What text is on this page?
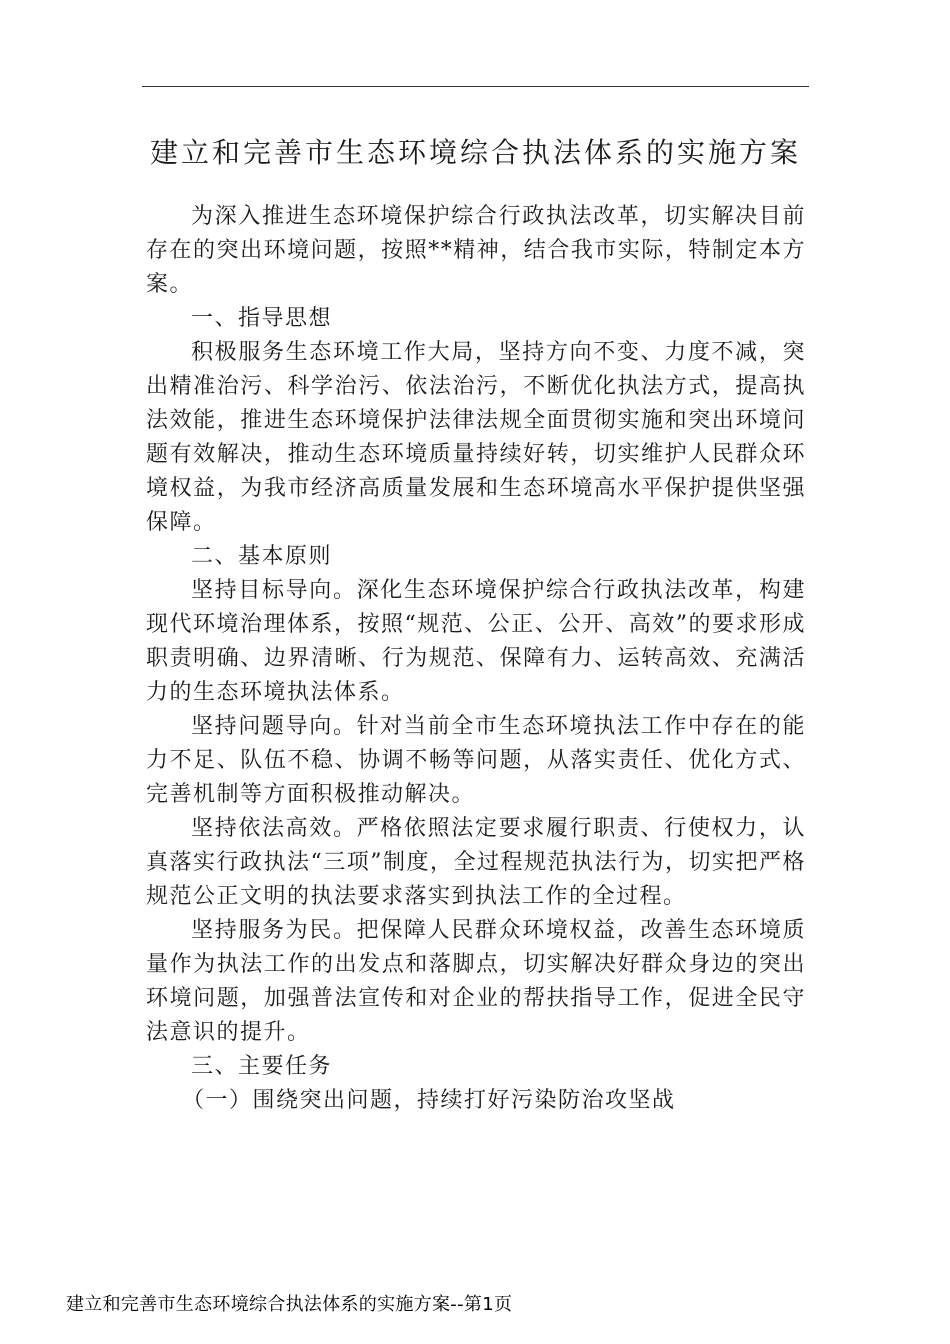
建立和完善市生态环境综合执法体系的实施方案

为深入推进生态环境保护综合行政执法改革，切实解决目前存在的突出环境问题，按照**精神，结合我市实际，特制定本方案。

一、指导思想

积极服务生态环境工作大局，坚持方向不变、力度不减，突出精准治污、科学治污、依法治污，不断优化执法方式，提高执法效能，推进生态环境保护法律法规全面贯彻实施和突出环境问题有效解决，推动生态环境质量持续好转，切实维护人民群众环境权益，为我市经济高质量发展和生态环境高水平保护提供坚强保障。

二、基本原则

坚持目标导向。深化生态环境保护综合行政执法改革，构建现代环境治理体系，按照“规范、公正、公开、高效”的要求形成职责明确、边界清晰、行为规范、保障有力、运转高效、充满活力的生态环境执法体系。

坚持问题导向。针对当前全市生态环境执法工作中存在的能力不足、队伍不稳、协调不畅等问题，从落实责任、优化方式、完善机制等方面积极推动解决。

坚持依法高效。严格依照法定要求履行职责、行使权力，认真落实行政执法“三项”制度，全过程规范执法行为，切实把严格规范公正文明的执法要求落实到执法工作的全过程。

坚持服务为民。把保障人民群众环境权益，改善生态环境质量作为执法工作的出发点和落脚点，切实解决好群众身边的突出环境问题，加强普法宣传和对企业的帮扶指导工作，促进全民守法意识的提升。

三、主要任务

（一）围绕突出问题，持续打好污染防治攻坚战

建立和完善市生态环境综合执法体系的实施方案--第1页
